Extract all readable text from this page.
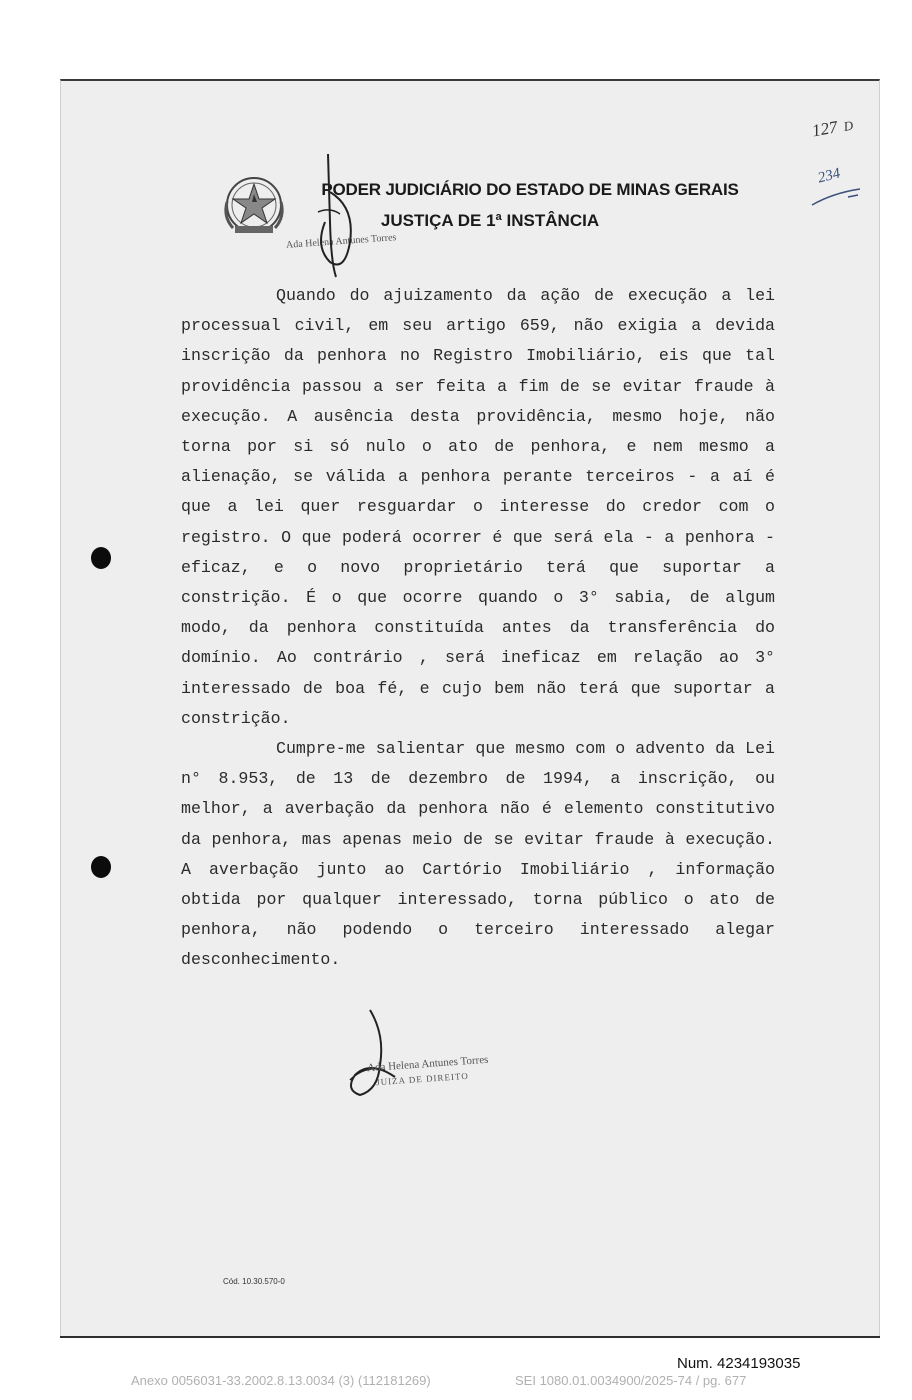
PODER JUDICIÁRIO DO ESTADO DE MINAS GERAIS
JUSTIÇA DE 1ª INSTÂNCIA
Ada Helena Antunes Torres
127 D
234

Quando do ajuizamento da ação de execução a lei processual civil, em seu artigo 659, não exigia a devida inscrição da penhora no Registro Imobiliário, eis que tal providência passou a ser feita a fim de se evitar fraude à execução. A ausência desta providência, mesmo hoje, não torna por si só nulo o ato de penhora, e nem mesmo a alienação, se válida a penhora perante terceiros - a aí é que a lei quer resguardar o interesse do credor com o registro. O que poderá ocorrer é que será ela - a penhora - eficaz, e o novo proprietário terá que suportar a constrição. É o que ocorre quando o 3° sabia, de algum modo, da penhora constituída antes da transferência do domínio. Ao contrário , será ineficaz em relação ao 3° interessado de boa fé, e cujo bem não terá que suportar a constrição.

Cumpre-me salientar que mesmo com o advento da Lei n° 8.953, de 13 de dezembro de 1994, a inscrição, ou melhor, a averbação da penhora não é elemento constitutivo da penhora, mas apenas meio de se evitar fraude à execução. A averbação junto ao Cartório Imobiliário , informação obtida por qualquer interessado, torna público o ato de penhora, não podendo o terceiro interessado alegar desconhecimento.

Ada Helena Antunes Torres
JUIZA DE DIREITO
Cód. 10.30.570-0
Num. 4234193035
Anexo 0056031-33.2002.8.13.0034 (3) (112181269)	SEI 1080.01.0034900/2025-74 / pg. 677
